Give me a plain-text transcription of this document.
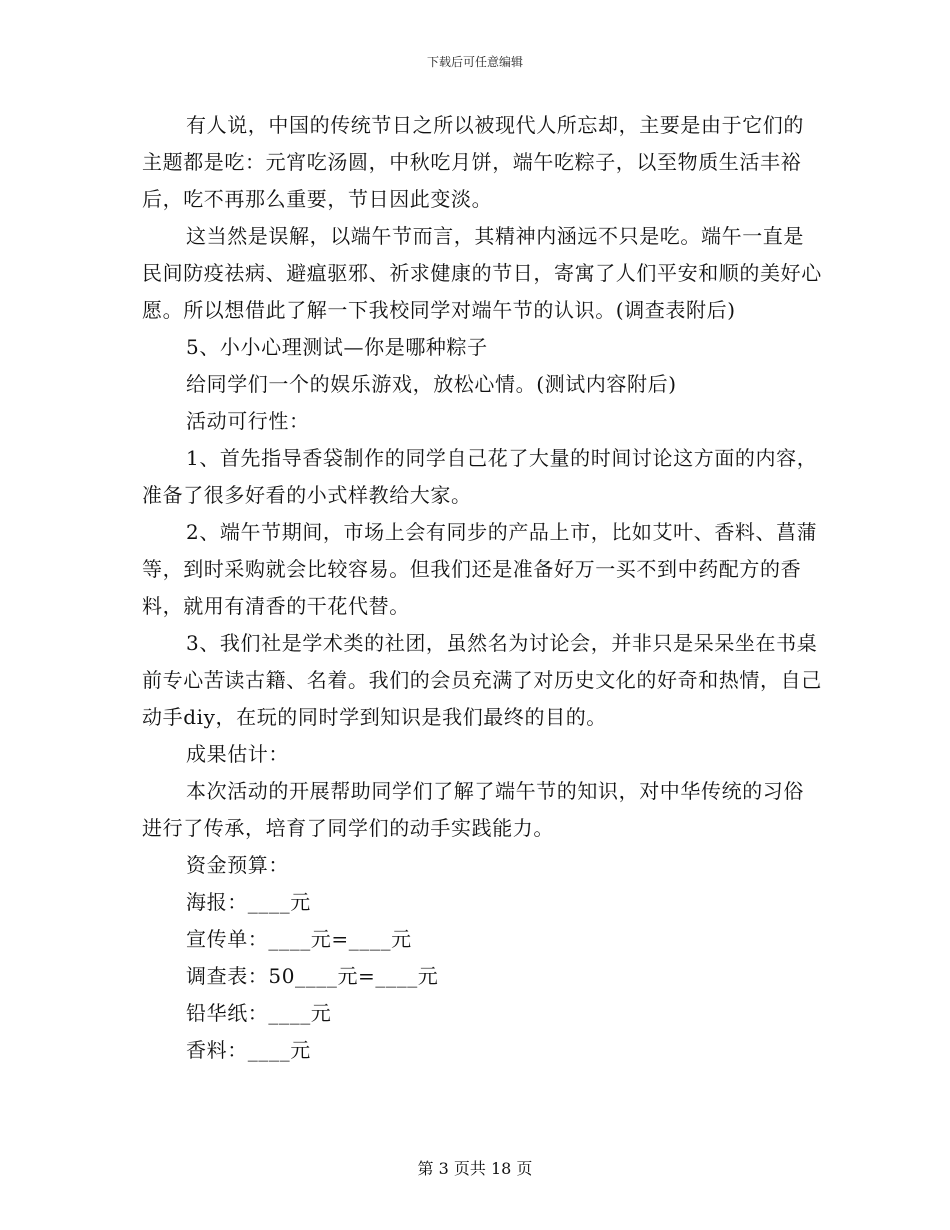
下载后可任意编辑

有人说，中国的传统节日之所以被现代人所忘却，主要是由于它们的主题都是吃：元宵吃汤圆，中秋吃月饼，端午吃粽子，以至物质生活丰裕后，吃不再那么重要，节日因此变淡。

这当然是误解，以端午节而言，其精神内涵远不只是吃。端午一直是民间防疫祛病、避瘟驱邪、祈求健康的节日，寄寓了人们平安和顺的美好心愿。所以想借此了解一下我校同学对端午节的认识。(调查表附后)

5、小小心理测试—你是哪种粽子

给同学们一个的娱乐游戏，放松心情。(测试内容附后)

活动可行性：

1、首先指导香袋制作的同学自己花了大量的时间讨论这方面的内容，准备了很多好看的小式样教给大家。

2、端午节期间，市场上会有同步的产品上市，比如艾叶、香料、菖蒲等，到时采购就会比较容易。但我们还是准备好万一买不到中药配方的香料，就用有清香的干花代替。

3、我们社是学术类的社团，虽然名为讨论会，并非只是呆呆坐在书桌前专心苦读古籍、名着。我们的会员充满了对历史文化的好奇和热情，自己动手diy，在玩的同时学到知识是我们最终的目的。

成果估计：

本次活动的开展帮助同学们了解了端午节的知识，对中华传统的习俗进行了传承，培育了同学们的动手实践能力。

资金预算：

海报：____元

宣传单：____元=____元

调查表：50____元=____元

铅华纸：____元

香料：____元

第 3 页共 18 页
